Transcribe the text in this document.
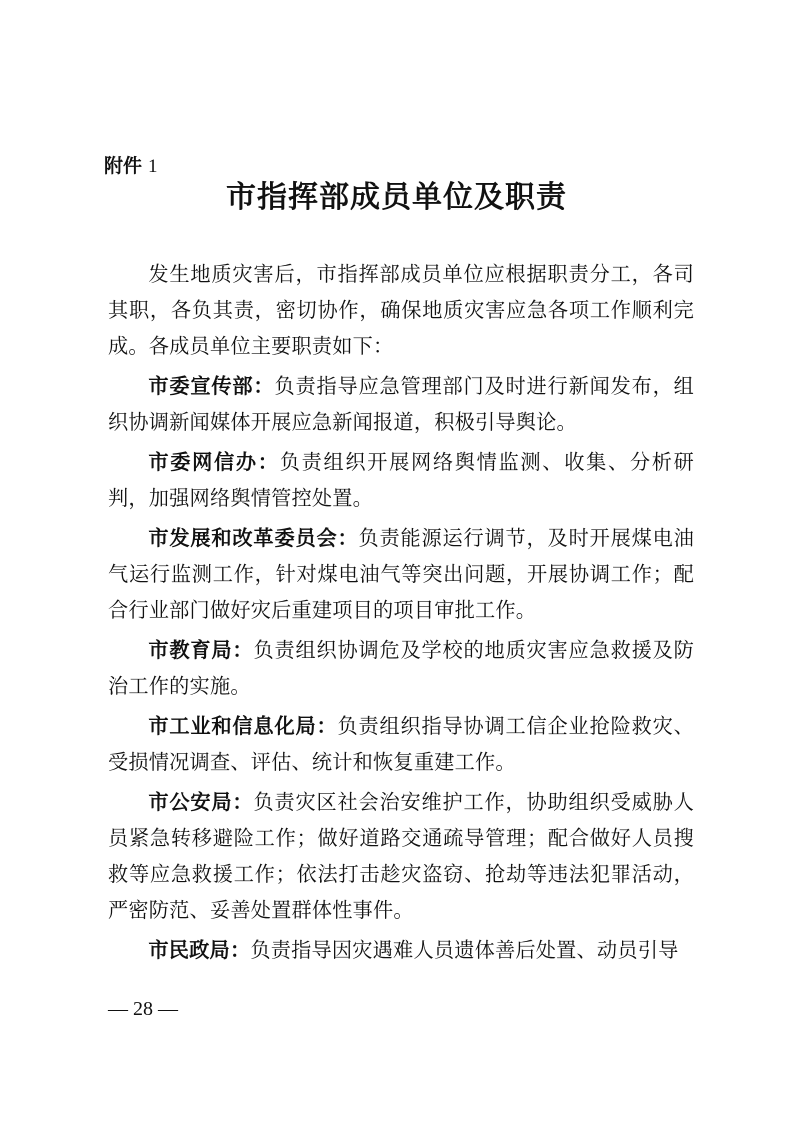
附件 1
市指挥部成员单位及职责

发生地质灾害后，市指挥部成员单位应根据职责分工，各司其职，各负其责，密切协作，确保地质灾害应急各项工作顺利完成。各成员单位主要职责如下：

市委宣传部：负责指导应急管理部门及时进行新闻发布，组织协调新闻媒体开展应急新闻报道，积极引导舆论。

市委网信办：负责组织开展网络舆情监测、收集、分析研判，加强网络舆情管控处置。

市发展和改革委员会：负责能源运行调节，及时开展煤电油气运行监测工作，针对煤电油气等突出问题，开展协调工作；配合行业部门做好灾后重建项目的项目审批工作。

市教育局：负责组织协调危及学校的地质灾害应急救援及防治工作的实施。

市工业和信息化局：负责组织指导协调工信企业抢险救灾、受损情况调查、评估、统计和恢复重建工作。

市公安局：负责灾区社会治安维护工作，协助组织受威胁人员紧急转移避险工作；做好道路交通疏导管理；配合做好人员搜救等应急救援工作；依法打击趁灾盗窃、抢劫等违法犯罪活动，严密防范、妥善处置群体性事件。

市民政局：负责指导因灾遇难人员遗体善后处置、动员引导

— 28 —
